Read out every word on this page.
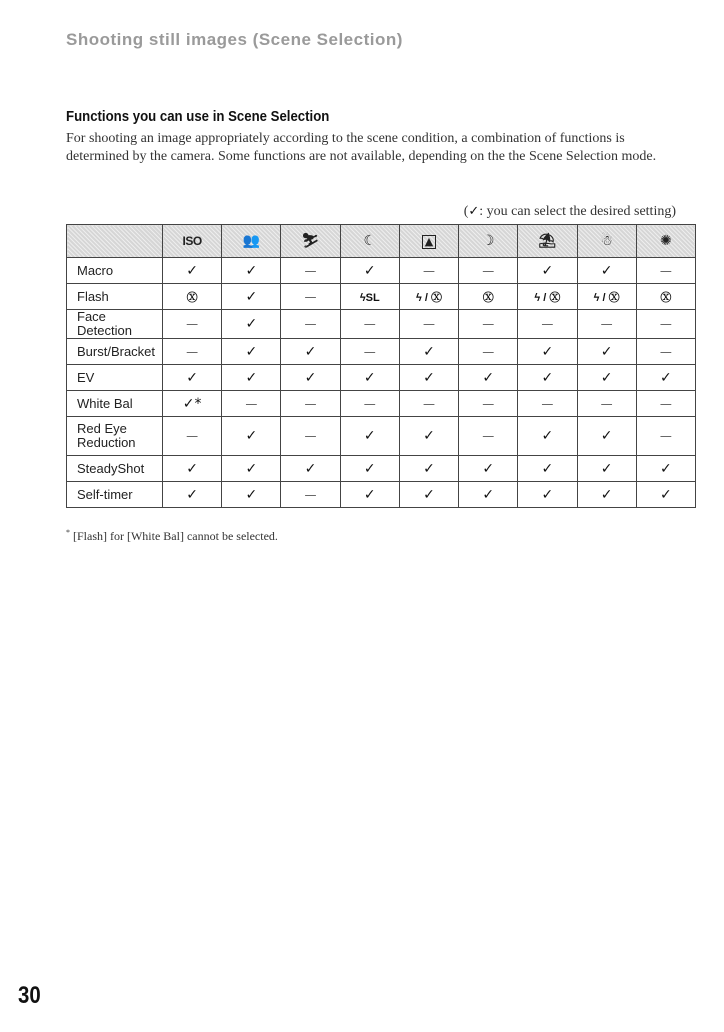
Shooting still images (Scene Selection)
Functions you can use in Scene Selection

For shooting an image appropriately according to the scene condition, a combination of functions is determined by the camera. Some functions are not available, depending on the the Scene Selection mode.

(✓: you can select the desired setting)
	ISO	👥	⛷	☾	▲	☽	⛱	☃	✺
Macro	✓	✓	—	✓	—	—	✓	✓	—
Flash	Ⓧ	✓	—	ϟSL	ϟ / Ⓧ	Ⓧ	ϟ / Ⓧ	ϟ / Ⓧ	Ⓧ
Face Detection	—	✓	—	—	—	—	—	—	—
Burst/Bracket	—	✓	✓	—	✓	—	✓	✓	—
EV	✓	✓	✓	✓	✓	✓	✓	✓	✓
White Bal	✓*	—	—	—	—	—	—	—	—
Red Eye Reduction	—	✓	—	✓	✓	—	✓	✓	—
SteadyShot	✓	✓	✓	✓	✓	✓	✓	✓	✓
Self-timer	✓	✓	—	✓	✓	✓	✓	✓	✓
* [Flash] for [White Bal] cannot be selected.
30
